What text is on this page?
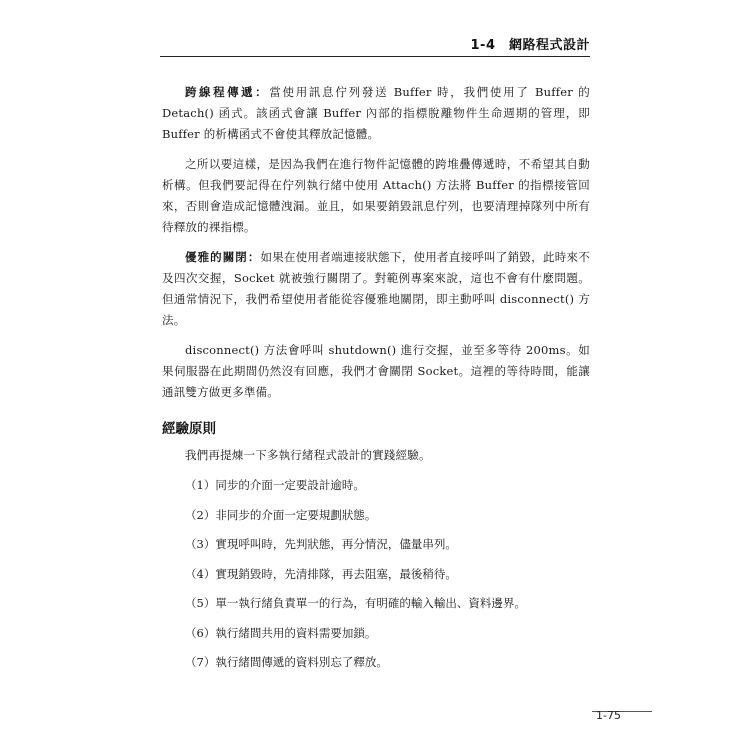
1-4　網路程式設計

跨線程傳遞：當使用訊息佇列發送 Buffer 時，我們使用了 Buffer 的 Detach() 函式。該函式會讓 Buffer 內部的指標脫離物件生命週期的管理，即 Buffer 的析構函式不會使其釋放記憶體。

之所以要這樣，是因為我們在進行物件記憶體的跨堆疊傳遞時，不希望其自動析構。但我們要記得在佇列執行緒中使用 Attach() 方法將 Buffer 的指標接管回來，否則會造成記憶體洩漏。並且，如果要銷毀訊息佇列，也要清理掉隊列中所有待釋放的裸指標。

優雅的關閉：如果在使用者端連接狀態下，使用者直接呼叫了銷毀，此時來不及四次交握，Socket 就被強行關閉了。對範例專案來說，這也不會有什麼問題。但通常情況下，我們希望使用者能從容優雅地關閉，即主動呼叫 disconnect() 方法。

disconnect() 方法會呼叫 shutdown() 進行交握，並至多等待 200ms。如果伺服器在此期間仍然沒有回應，我們才會關閉 Socket。這裡的等待時間，能讓通訊雙方做更多準備。

經驗原則

我們再提煉一下多執行緒程式設計的實踐經驗。

（1）同步的介面一定要設計逾時。
（2）非同步的介面一定要規劃狀態。
（3）實現呼叫時，先判狀態，再分情況，儘量串列。
（4）實現銷毀時，先清排隊，再去阻塞，最後稍待。
（5）單一執行緒負責單一的行為，有明確的輸入輸出、資料邊界。
（6）執行緒間共用的資料需要加鎖。
（7）執行緒間傳遞的資料別忘了釋放。
1-75
